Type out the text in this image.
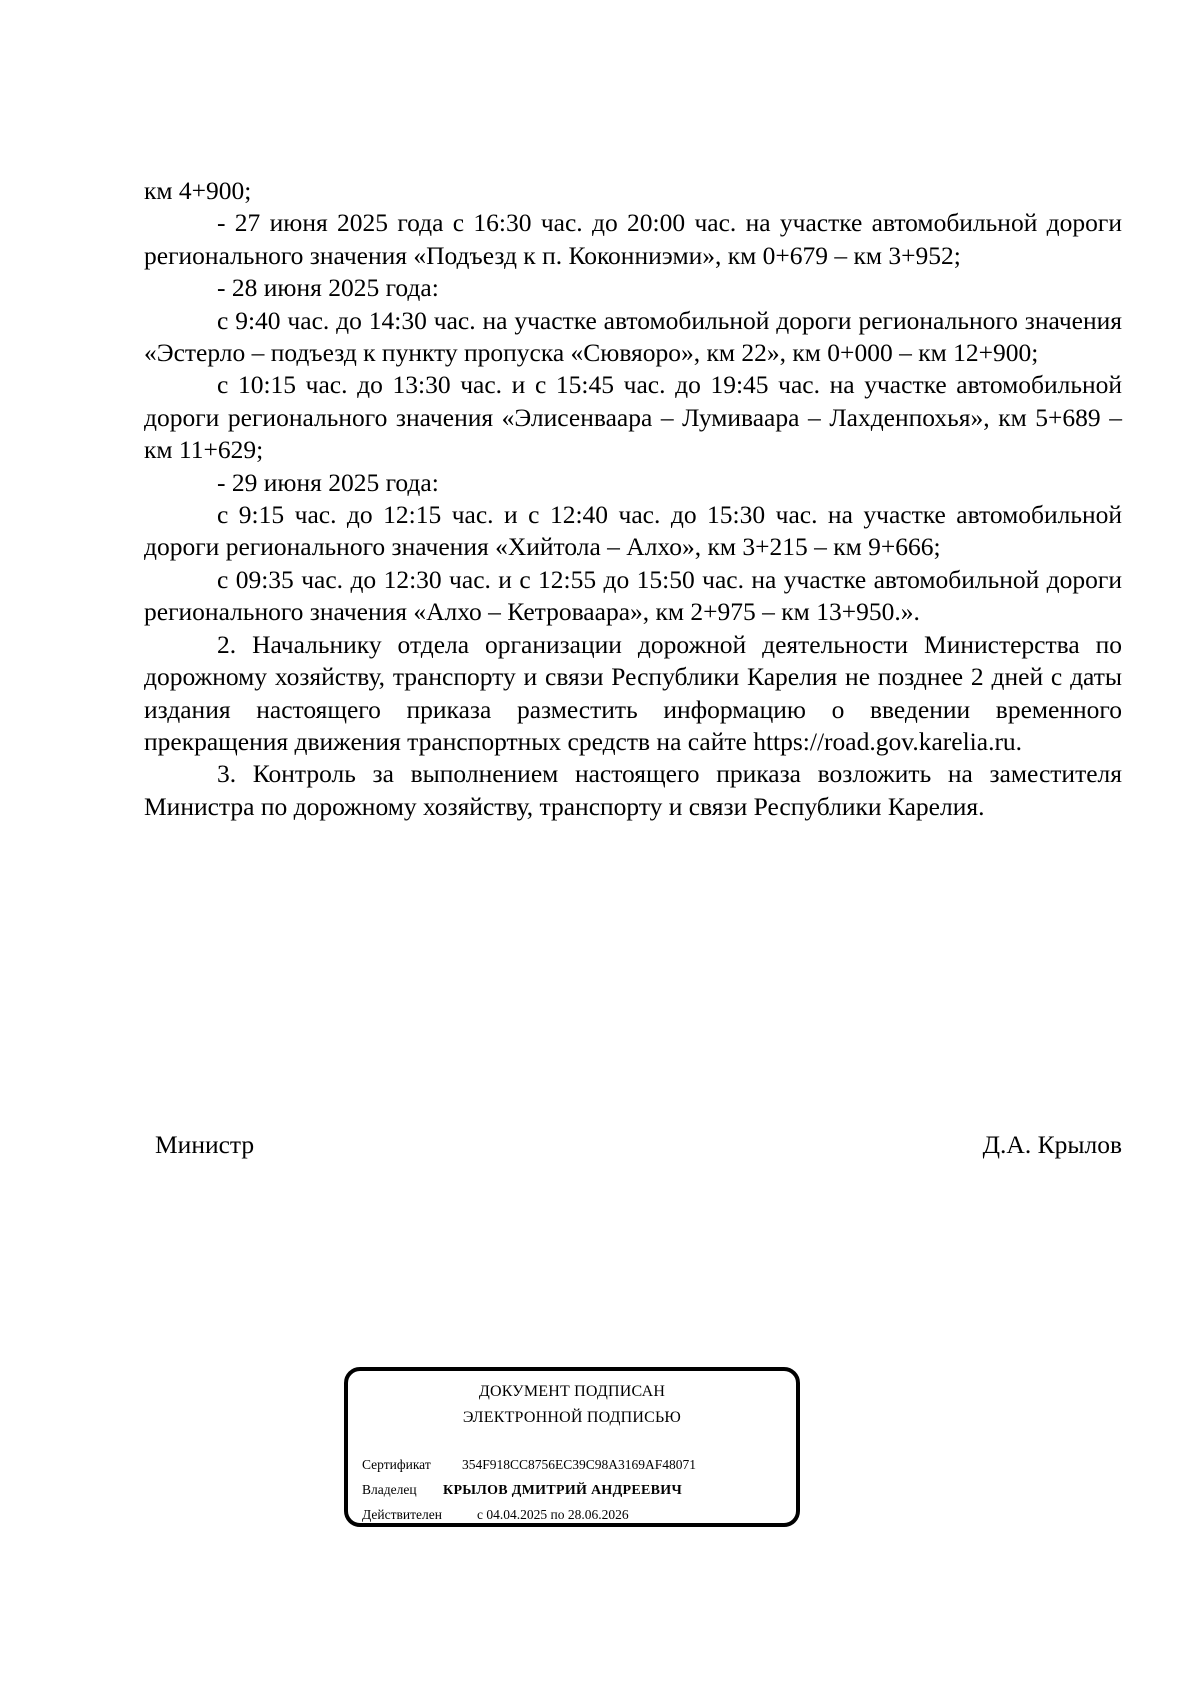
км 4+900;

- 27 июня 2025 года с 16:30 час. до 20:00 час. на участке автомобильной дороги регионального значения «Подъезд к п. Коконниэми», км 0+679 – км 3+952;

- 28 июня 2025 года:

с 9:40 час. до 14:30 час. на участке автомобильной дороги регионального значения «Эстерло – подъезд к пункту пропуска «Сювяоро», км 22», км 0+000 – км 12+900;

с 10:15 час. до 13:30 час. и с 15:45 час. до 19:45 час. на участке автомобильной дороги регионального значения «Элисенваара – Лумиваара – Лахденпохья», км 5+689 – км 11+629;

- 29 июня 2025 года:

с 9:15 час. до 12:15 час. и с 12:40 час. до 15:30 час. на участке автомобильной дороги регионального значения «Хийтола – Алхо», км 3+215 – км 9+666;

с 09:35 час. до 12:30 час. и с 12:55 до 15:50 час. на участке автомобильной дороги регионального значения «Алхо – Кетроваара», км 2+975 – км 13+950.».

2. Начальнику отдела организации дорожной деятельности Министерства по дорожному хозяйству, транспорту и связи Республики Карелия не позднее 2 дней с даты издания настоящего приказа разместить информацию о введении временного прекращения движения транспортных средств на сайте https://road.gov.karelia.ru.

3. Контроль за выполнением настоящего приказа возложить на заместителя Министра по дорожному хозяйству, транспорту и связи Республики Карелия.

Министр	Д.А. Крылов
ДОКУМЕНТ ПОДПИСАН
ЭЛЕКТРОННОЙ ПОДПИСЬЮ
Сертификат 354F918CC8756EC39C98A3169AF48071
Владелец КРЫЛОВ ДМИТРИЙ АНДРЕЕВИЧ
Действителен	с 04.04.2025 по 28.06.2026
